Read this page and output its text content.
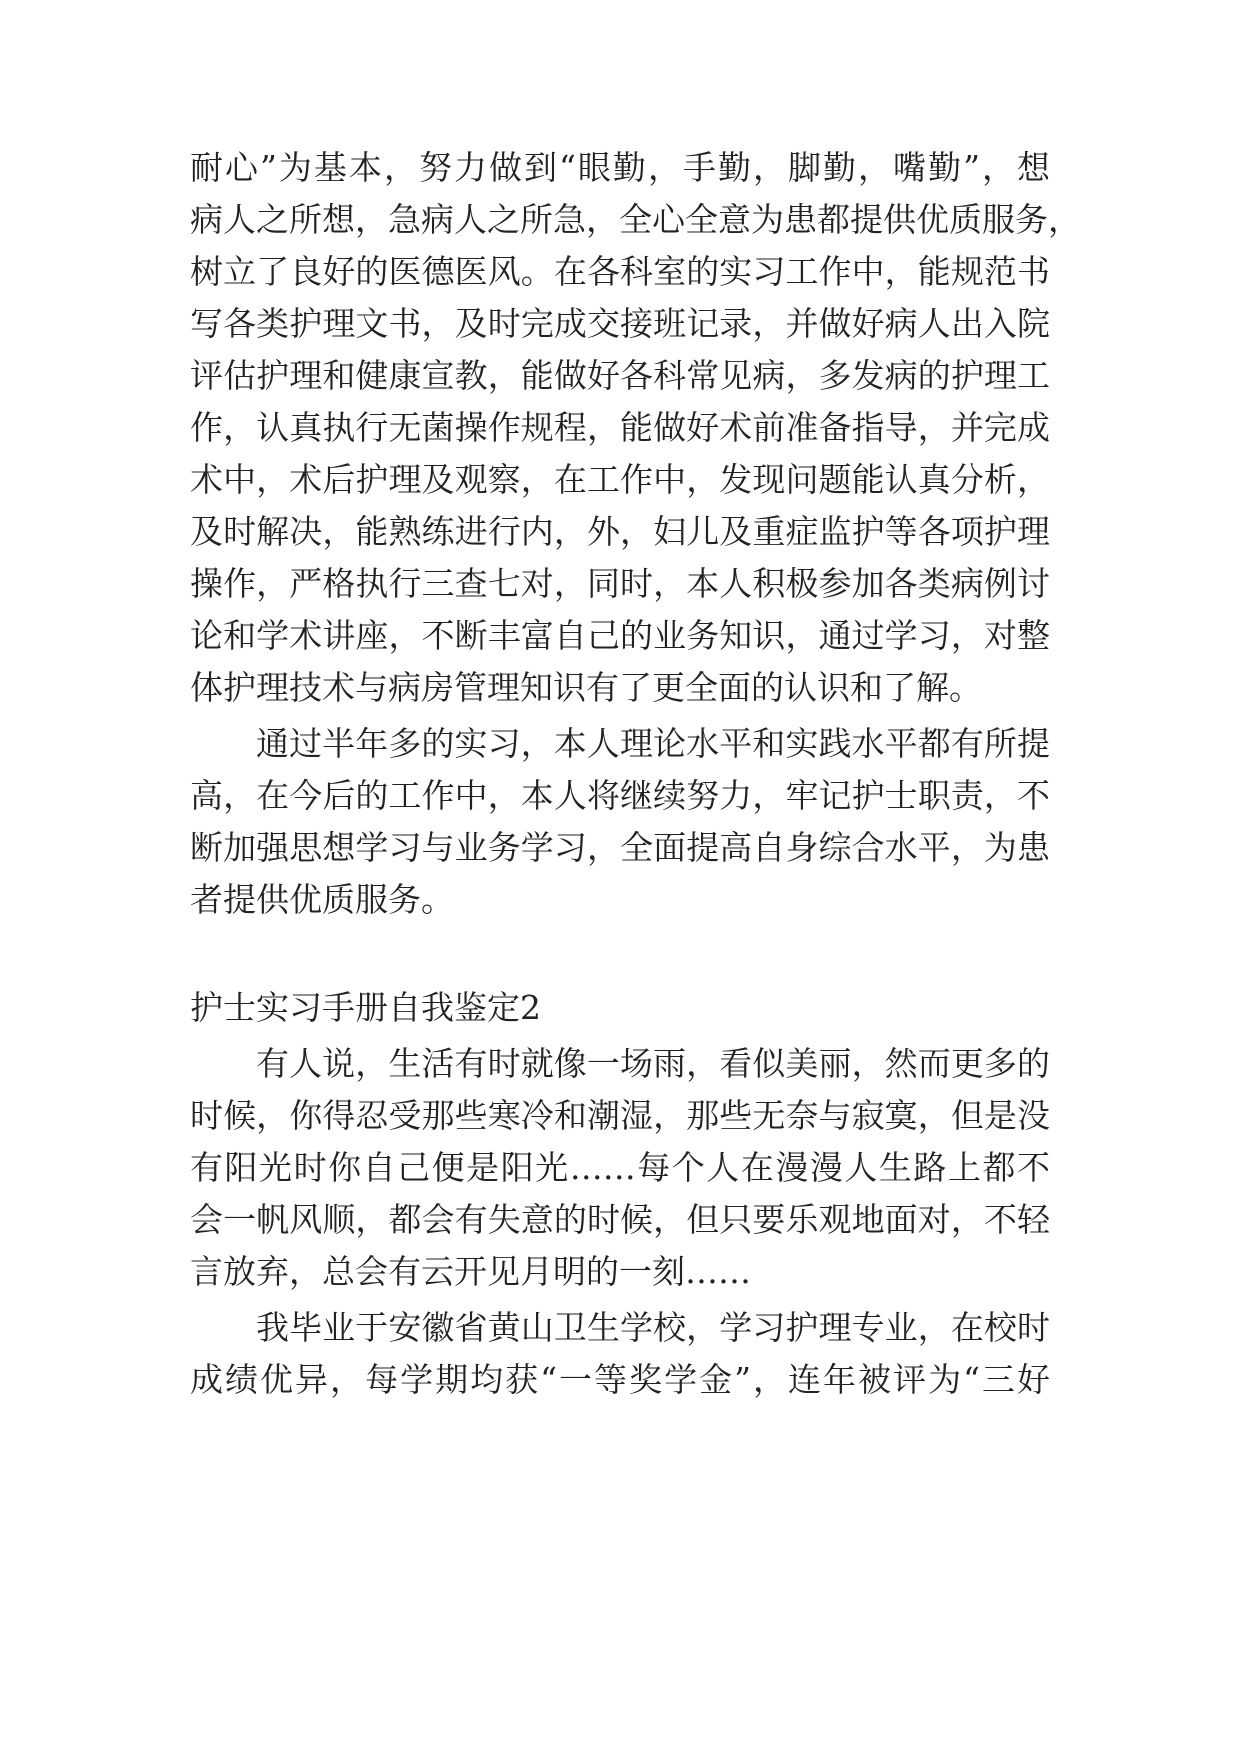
耐心”为基本，努力做到“眼勤，手勤，脚勤，嘴勤”，想
病人之所想，急病人之所急，全心全意为患都提供优质服务，
树立了良好的医德医风。在各科室的实习工作中，能规范书
写各类护理文书，及时完成交接班记录，并做好病人出入院
评估护理和健康宣教，能做好各科常见病，多发病的护理工
作，认真执行无菌操作规程，能做好术前准备指导，并完成
术中，术后护理及观察，在工作中，发现问题能认真分析，
及时解决，能熟练进行内，外，妇儿及重症监护等各项护理
操作，严格执行三查七对，同时，本人积极参加各类病例讨
论和学术讲座，不断丰富自己的业务知识，通过学习，对整
体护理技术与病房管理知识有了更全面的认识和了解。
通过半年多的实习，本人理论水平和实践水平都有所提
高，在今后的工作中，本人将继续努力，牢记护士职责，不
断加强思想学习与业务学习，全面提高自身综合水平，为患
者提供优质服务。
护士实习手册自我鉴定2
有人说，生活有时就像一场雨，看似美丽，然而更多的
时候，你得忍受那些寒冷和潮湿，那些无奈与寂寞，但是没
有阳光时你自己便是阳光……每个人在漫漫人生路上都不
会一帆风顺，都会有失意的时候，但只要乐观地面对，不轻
言放弃，总会有云开见月明的一刻……
我毕业于安徽省黄山卫生学校，学习护理专业，在校时
成绩优异，每学期均获“一等奖学金”，连年被评为“三好
